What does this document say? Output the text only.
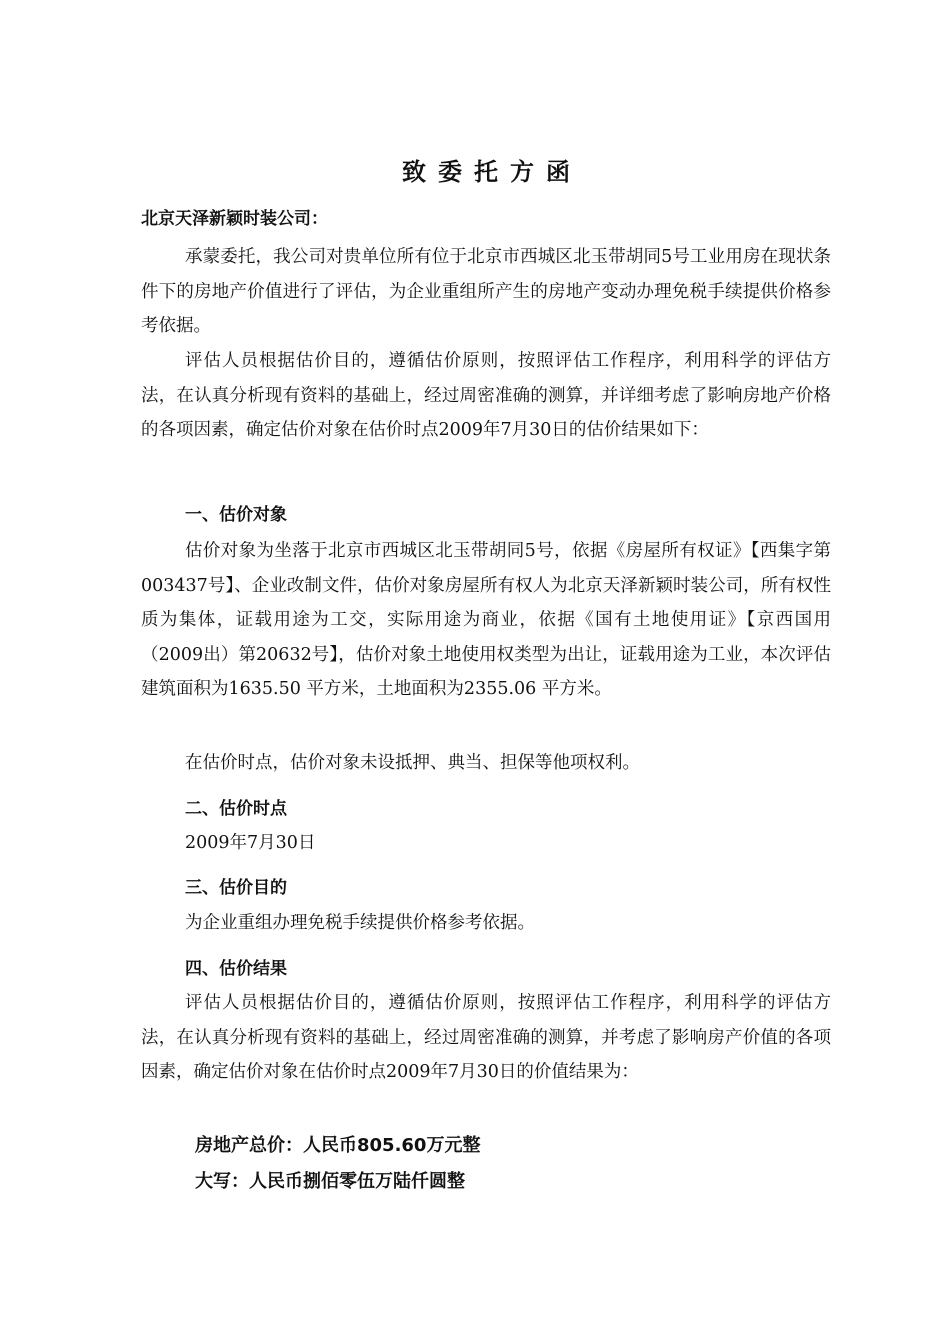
致委托方函
北京天泽新颖时装公司：

承蒙委托，我公司对贵单位所有位于北京市西城区北玉带胡同5号工业用房在现状条件下的房地产价值进行了评估，为企业重组所产生的房地产变动办理免税手续提供价格参考依据。

评估人员根据估价目的，遵循估价原则，按照评估工作程序，利用科学的评估方法，在认真分析现有资料的基础上，经过周密准确的测算，并详细考虑了影响房地产价格的各项因素，确定估价对象在估价时点2009年7月30日的估价结果如下：

一、估价对象

估价对象为坐落于北京市西城区北玉带胡同5号，依据《房屋所有权证》【西集字第003437号】、企业改制文件，估价对象房屋所有权人为北京天泽新颖时装公司，所有权性质为集体，证载用途为工交，实际用途为商业，依据《国有土地使用证》【京西国用（2009出）第20632号】，估价对象土地使用权类型为出让，证载用途为工业，本次评估建筑面积为1635.50 平方米，土地面积为2355.06 平方米。

在估价时点，估价对象未设抵押、典当、担保等他项权利。

二、估价时点
2009年7月30日
三、估价目的
为企业重组办理免税手续提供价格参考依据。
四、估价结果

评估人员根据估价目的，遵循估价原则，按照评估工作程序，利用科学的评估方法，在认真分析现有资料的基础上，经过周密准确的测算，并考虑了影响房产价值的各项因素，确定估价对象在估价时点2009年7月30日的价值结果为：

房地产总价：人民币805.60万元整
大写：人民币捌佰零伍万陆仟圆整
